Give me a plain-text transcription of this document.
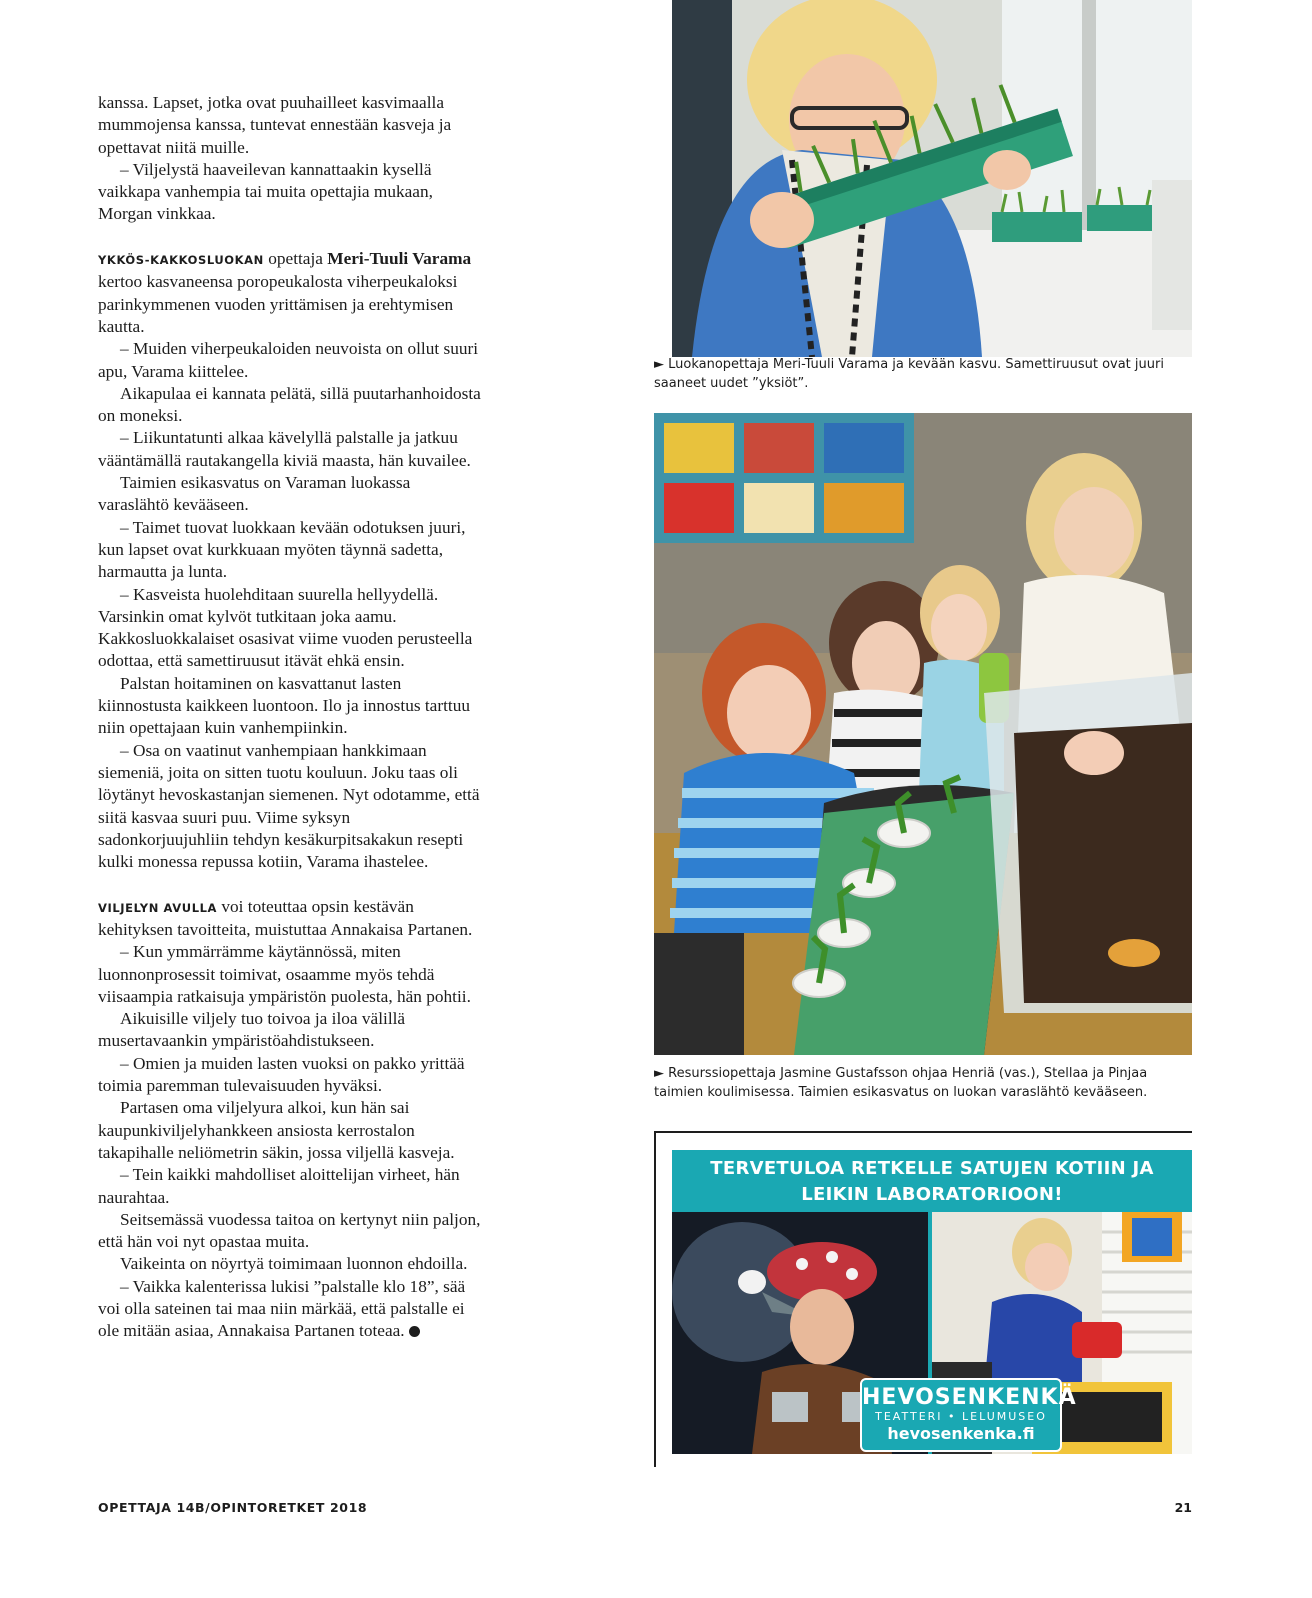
kanssa. Lapset, jotka ovat puuhailleet kasvimaalla mummojensa kanssa, tuntevat ennestään kasveja ja opettavat niitä muille.

– Viljelystä haaveilevan kannattaakin kysellä vaikkapa vanhempia tai muita opettajia mukaan, Morgan vinkkaa.

YKKÖS-KAKKOSLUOKAN opettaja Meri-Tuuli Varama kertoo kasvaneensa poropeukalosta viherpeukaloksi parinkymmenen vuoden yrittämisen ja erehtymisen kautta.

– Muiden viherpeukaloiden neuvoista on ollut suuri apu, Varama kiittelee.

Aikapulaa ei kannata pelätä, sillä puutarhanhoidosta on moneksi.

– Liikuntatunti alkaa kävelyllä palstalle ja jatkuu vääntämällä rautakangella kiviä maasta, hän kuvailee.

Taimien esikasvatus on Varaman luokassa varaslähtö kevääseen.

– Taimet tuovat luokkaan kevään odotuksen juuri, kun lapset ovat kurkkuaan myöten täynnä sadetta, harmautta ja lunta.

– Kasveista huolehditaan suurella hellyydellä. Varsinkin omat kylvöt tutkitaan joka aamu. Kakkosluokkalaiset osasivat viime vuoden perusteella odottaa, että samettiruusut itävät ehkä ensin.

Palstan hoitaminen on kasvattanut lasten kiinnostusta kaikkeen luontoon. Ilo ja innostus tarttuu niin opettajaan kuin vanhempiinkin.

– Osa on vaatinut vanhempiaan hankkimaan siemeniä, joita on sitten tuotu kouluun. Joku taas oli löytänyt hevoskastanjan siemenen. Nyt odotamme, että siitä kasvaa suuri puu. Viime syksyn sadonkorjuujuhliin tehdyn kesäkurpitsakakun resepti kulki monessa repussa kotiin, Varama ihastelee.

VILJELYN AVULLA voi toteuttaa opsin kestävän kehityksen tavoitteita, muistuttaa Annakaisa Partanen.

– Kun ymmärrämme käytännössä, miten luonnonprosessit toimivat, osaamme myös tehdä viisaampia ratkaisuja ympäristön puolesta, hän pohtii.

Aikuisille viljely tuo toivoa ja iloa välillä musertavaankin ympäristöahdistukseen.

– Omien ja muiden lasten vuoksi on pakko yrittää toimia paremman tulevaisuuden hyväksi.

Partasen oma viljelyura alkoi, kun hän sai kaupunkiviljelyhankkeen ansiosta kerrostalon takapihalle neliömetrin säkin, jossa viljellä kasveja.

– Tein kaikki mahdolliset aloittelijan virheet, hän naurahtaa.

Seitsemässä vuodessa taitoa on kertynyt niin paljon, että hän voi nyt opastaa muita.

Vaikeinta on nöyrtyä toimimaan luonnon ehdoilla.

– Vaikka kalenterissa lukisi ”palstalle klo 18”, sää voi olla sateinen tai maa niin märkää, että palstalle ei ole mitään asiaa, Annakaisa Partanen toteaa.

► Luokanopettaja Meri-Tuuli Varama ja kevään kasvu. Samettiruusut ovat juuri saaneet uudet ”yksiöt”.
► Resurssiopettaja Jasmine Gustafsson ohjaa Henriä (vas.), Stellaa ja Pinjaa taimien koulimisessa. Taimien esikasvatus on luokan varaslähtö kevääseen.
TERVETULOA RETKELLE SATUJEN KOTIIN JA
LEIKIN LABORATORIOON!
HEVOSENKENKÄ
TEATTERI • LELUMUSEO
hevosenkenka.fi
OPETTAJA 14B/OPINTORETKET 2018	21
